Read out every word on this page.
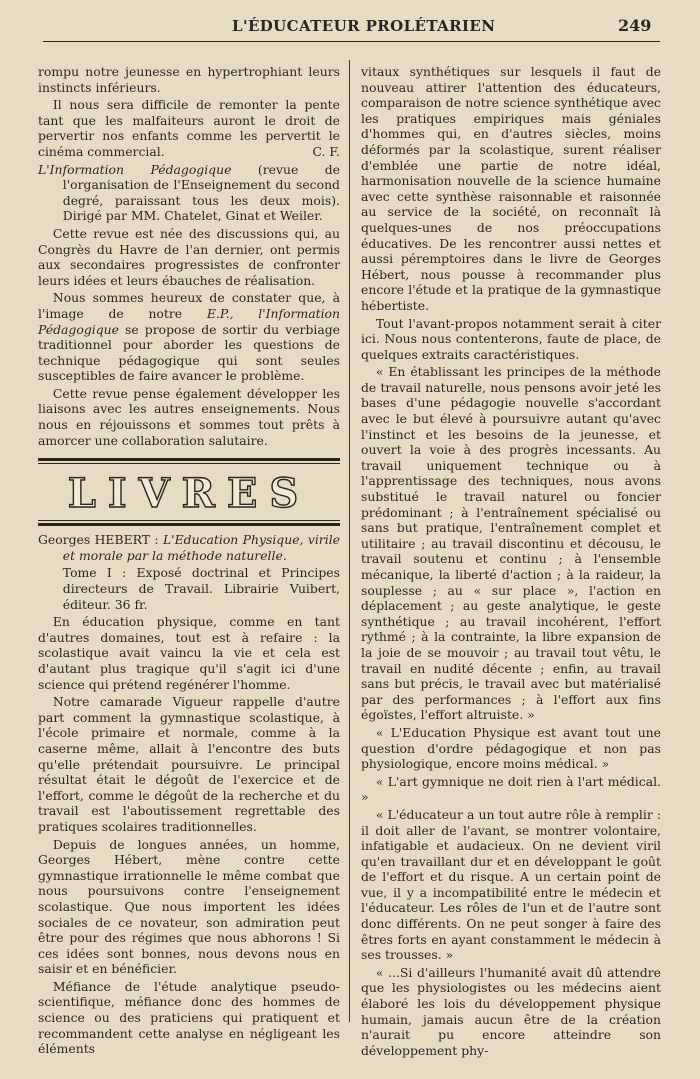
L'ÉDUCATEUR PROLÉTARIEN	249

rompu notre jeunesse en hypertrophiant leurs instincts inférieurs.

Il nous sera difficile de remonter la pente tant que les malfaiteurs auront le droit de pervertir nos enfants comme les pervertit le cinéma commercial.	C. F.

L'Information Pédagogique (revue de l'organisation de l'Enseignement du second degré, paraissant tous les deux mois). Dirigé par MM. Chatelet, Ginat et Weiler.

Cette revue est née des discussions qui, au Congrès du Havre de l'an dernier, ont permis aux secondaires progressistes de confronter leurs idées et leurs ébauches de réalisation.

Nous sommes heureux de constater que, à l'image de notre E.P., l'Information Pédagogique se propose de sortir du verbiage traditionnel pour aborder les questions de technique pédagogique qui sont seules susceptibles de faire avancer le problème.

Cette revue pense également développer les liaisons avec les autres enseignements. Nous nous en réjouissons et sommes tout prêts à amorcer une collaboration salutaire.

LIVRES

Georges HEBERT : L'Education Physique, virile et morale par la méthode naturelle.

Tome I : Exposé doctrinal et Principes directeurs de Travail. Librairie Vuibert, éditeur. 36 fr.

En éducation physique, comme en tant d'autres domaines, tout est à refaire : la scolastique avait vaincu la vie et cela est d'autant plus tragique qu'il s'agit ici d'une science qui prétend regénérer l'homme.

Notre camarade Vigueur rappelle d'autre part comment la gymnastique scolastique, à l'école primaire et normale, comme à la caserne même, allait à l'encontre des buts qu'elle prétendait poursuivre. Le principal résultat était le dégoût de l'exercice et de l'effort, comme le dégoût de la recherche et du travail est l'aboutissement regrettable des pratiques scolaires traditionnelles.

Depuis de longues années, un homme, Georges Hébert, mène contre cette gymnastique irrationnelle le même combat que nous poursuivons contre l'enseignement scolastique. Que nous importent les idées sociales de ce novateur, son admiration peut être pour des régimes que nous abhorons ! Si ces idées sont bonnes, nous devons nous en saisir et en bénéficier.

Méfiance de l'étude analytique pseudo-scientifique, méfiance donc des hommes de science ou des praticiens qui pratiquent et recommandent cette analyse en négligeant les éléments

vitaux synthétiques sur lesquels il faut de nouveau attirer l'attention des éducateurs, comparaison de notre science synthétique avec les pratiques empiriques mais géniales d'hommes qui, en d'autres siècles, moins déformés par la scolastique, surent réaliser d'emblée une partie de notre idéal, harmonisation nouvelle de la science humaine avec cette synthèse raisonnable et raisonnée au service de la société, on reconnaît là quelques-unes de nos préoccupations éducatives. De les rencontrer aussi nettes et aussi péremptoires dans le livre de Georges Hébert, nous pousse à recommander plus encore l'étude et la pratique de la gymnastique hébertiste.

Tout l'avant-propos notamment serait à citer ici. Nous nous contenterons, faute de place, de quelques extraits caractéristiques.

« En établissant les principes de la méthode de travail naturelle, nous pensons avoir jeté les bases d'une pédagogie nouvelle s'accordant avec le but élevé à poursuivre autant qu'avec l'instinct et les besoins de la jeunesse, et ouvert la voie à des progrès incessants. Au travail uniquement technique ou à l'apprentissage des techniques, nous avons substitué le travail naturel ou foncier prédominant ; à l'entraînement spécialisé ou sans but pratique, l'entraînement complet et utilitaire ; au travail discontinu et décousu, le travail soutenu et continu ; à l'ensemble mécanique, la liberté d'action ; à la raideur, la souplesse ; au « sur place », l'action en déplacement ; au geste analytique, le geste synthétique ; au travail incohérent, l'effort rythmé ; à la contrainte, la libre expansion de la joie de se mouvoir ; au travail tout vêtu, le travail en nudité décente ; enfin, au travail sans but précis, le travail avec but matérialisé par des performances ; à l'effort aux fins égoïstes, l'effort altruiste. »

« L'Education Physique est avant tout une question d'ordre pédagogique et non pas physiologique, encore moins médical. »

« L'art gymnique ne doit rien à l'art médical. »

« L'éducateur a un tout autre rôle à remplir : il doit aller de l'avant, se montrer volontaire, infatigable et audacieux. On ne devient viril qu'en travaillant dur et en développant le goût de l'effort et du risque. A un certain point de vue, il y a incompatibilité entre le médecin et l'éducateur. Les rôles de l'un et de l'autre sont donc différents. On ne peut songer à faire des êtres forts en ayant constamment le médecin à ses trousses. »

« ...Si d'ailleurs l'humanité avait dû attendre que les physiologistes ou les médecins aient élaboré les lois du développement physique humain, jamais aucun être de la création n'aurait pu encore atteindre son développement phy-
